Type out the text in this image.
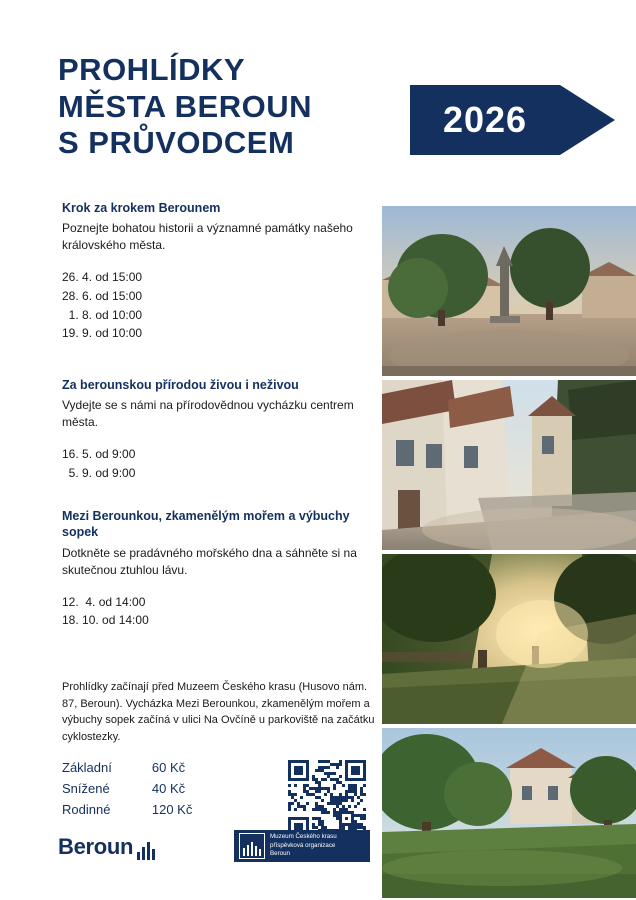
PROHLÍDKY
MĚSTA BEROUN
S PRŮVODCEM
2026
Krok za krokem Berounem

Poznejte bohatou historii a významné památky našeho královského města.

26. 4. od 15:00
28. 6. od 15:00
1. 8. od 10:00
19. 9. od 10:00
Za berounskou přírodou živou i neživou

Vydejte se s námi na přírodovědnou vycházku centrem města.

16. 5. od 9:00
5. 9. od 9:00
Mezi Berounkou, zkamenělým mořem a výbuchy sopek

Dotkněte se pradávného mořského dna a sáhněte si na skutečnou ztuhlou lávu.

12.  4. od 14:00
18. 10. od 14:00

Prohlídky začínají před Muzeem Českého krasu (Husovo nám. 87, Beroun). Vycházka Mezi Berounkou, zkamenělým mořem a výbuchy sopek začíná v ulici Na Ovčíně u parkoviště na začátku cyklostezky.

Základní	60 Kč
Snížené	40 Kč
Rodinné	120 Kč
Beroun	Muzeum Českého krasu
příspěvková organizace
Beroun
